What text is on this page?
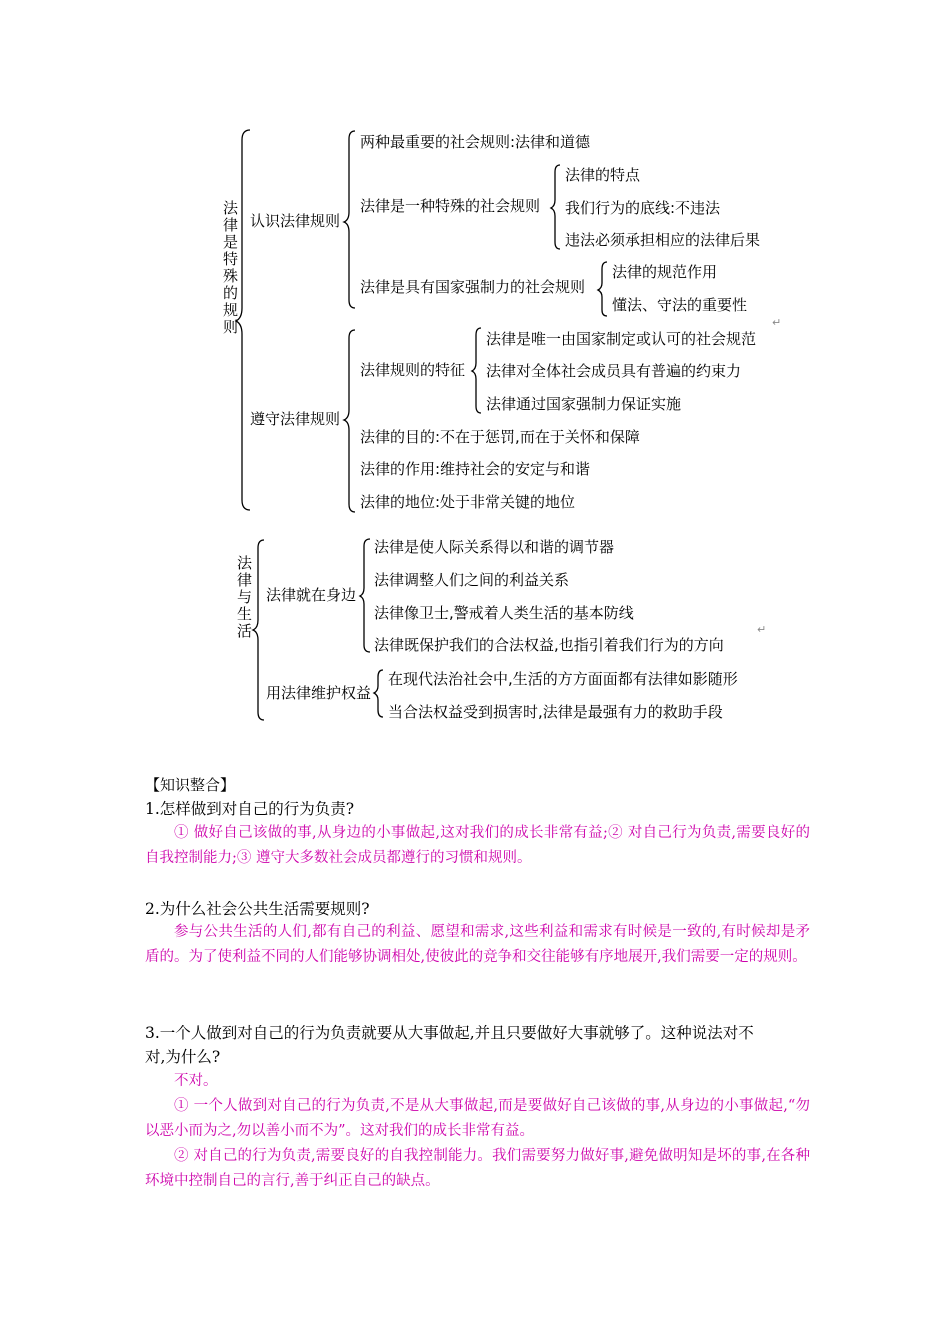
法律是特殊的规则
认识法律规则
两种最重要的社会规则:法律和道德
法律是一种特殊的社会规则
法律的特点
我们行为的底线:不违法
违法必须承担相应的法律后果
法律是具有国家强制力的社会规则
法律的规范作用
懂法、守法的重要性
遵守法律规则
法律规则的特征
法律是唯一由国家制定或认可的社会规范
↵
法律对全体社会成员具有普遍的约束力
法律通过国家强制力保证实施
法律的目的:不在于惩罚,而在于关怀和保障
法律的作用:维持社会的安定与和谐
法律的地位:处于非常关键的地位
法律与生活
法律就在身边
法律是使人际关系得以和谐的调节器
法律调整人们之间的利益关系
法律像卫士,警戒着人类生活的基本防线
法律既保护我们的合法权益,也指引着我们行为的方向
↵
用法律维护权益
在现代法治社会中,生活的方方面面都有法律如影随形
当合法权益受到损害时,法律是最强有力的救助手段
【知识整合】
1.怎样做到对自己的行为负责?

① 做好自己该做的事,从身边的小事做起,这对我们的成长非常有益;② 对自己行为负责,需要良好的自我控制能力;③ 遵守大多数社会成员都遵行的习惯和规则。

2.为什么社会公共生活需要规则?

参与公共生活的人们,都有自己的利益、愿望和需求,这些利益和需求有时候是一致的,有时候却是矛盾的。为了使利益不同的人们能够协调相处,使彼此的竞争和交往能够有序地展开,我们需要一定的规则。

3.一个人做到对自己的行为负责就要从大事做起,并且只要做好大事就够了。这种说法对不
对,为什么?

不对。

① 一个人做到对自己的行为负责,不是从大事做起,而是要做好自己该做的事,从身边的小事做起,“勿以恶小而为之,勿以善小而不为”。这对我们的成长非常有益。

② 对自己的行为负责,需要良好的自我控制能力。我们需要努力做好事,避免做明知是坏的事,在各种环境中控制自己的言行,善于纠正自己的缺点。
